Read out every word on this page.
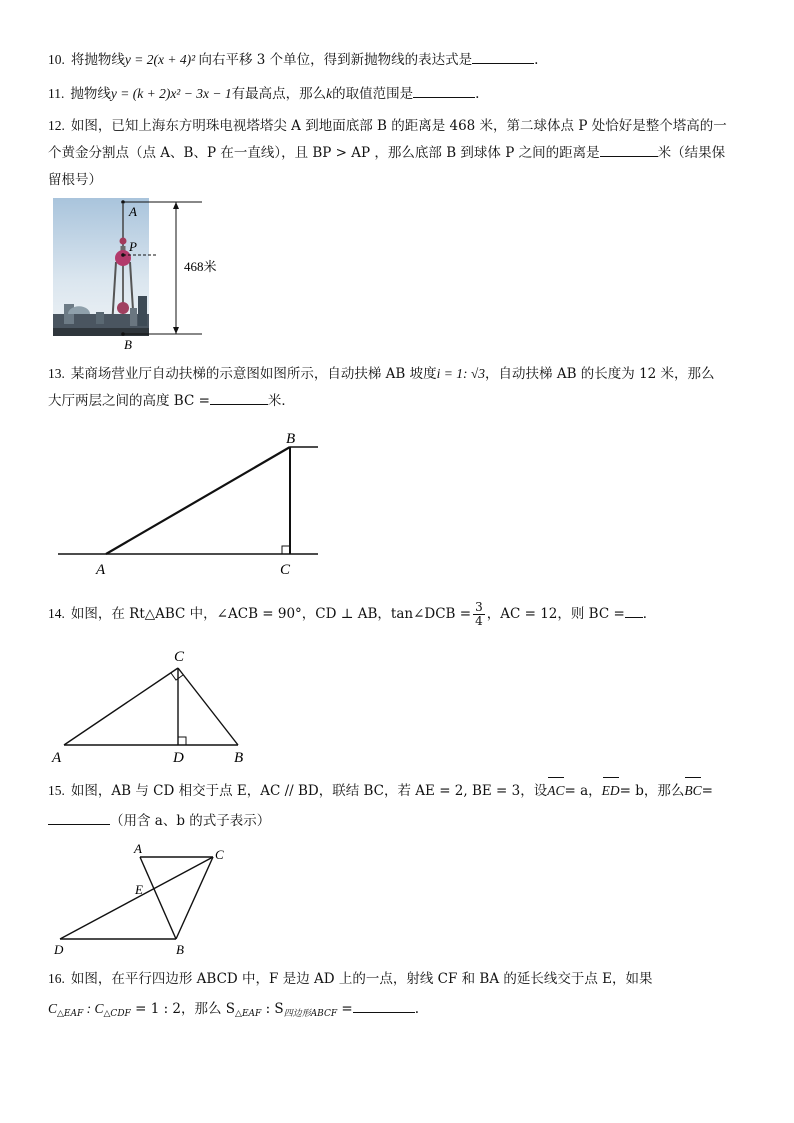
10. 将抛物线y = 2(x + 4)² 向右平移 3 个单位，得到新抛物线的表达式是	.
11. 抛物线y = (k + 2)x² − 3x − 1有最高点，那么k的取值范围是	.
12. 如图，已知上海东方明珠电视塔塔尖 A 到地面底部 B 的距离是 468 米，第二球体点 P 处恰好是整个塔高的一
个黄金分割点（点 A、B、P 在一直线），且 BP > AP ，那么底部 B 到球体 P 之间的距离是	米（结果保
留根号）
A
P
B
468米
13. 某商场营业厅自动扶梯的示意图如图所示，自动扶梯 AB 坡度i = 1: √3，自动扶梯 AB 的长度为 12 米，那么
大厅两层之间的高度 BC =	米．
A
B
C
14. 如图，在 Rt△ABC 中，∠ACB = 90°，CD ⊥ AB，tan∠DCB = $\frac{3}{4}$ ，AC = 12，则 BC = ．
C
A	D	B
15. 如图，AB 与 CD 相交于点 E，AC // BD，联结 BC，若 AE = 2, BE = 3，设AC= a，ED= b，那么BC=
（用含 a、b 的式子表示）
A	C
E
D	B
16. 如图，在平行四边形 ABCD 中，F 是边 AD 上的一点，射线 CF 和 BA 的延长线交于点 E，如果
$C_{\triangle EAF}$ : $C_{\triangle CDF} = 1$ : 2，那么 $S_{\triangle EAF}$ : $S_{四边形ABCF}$ =	.
